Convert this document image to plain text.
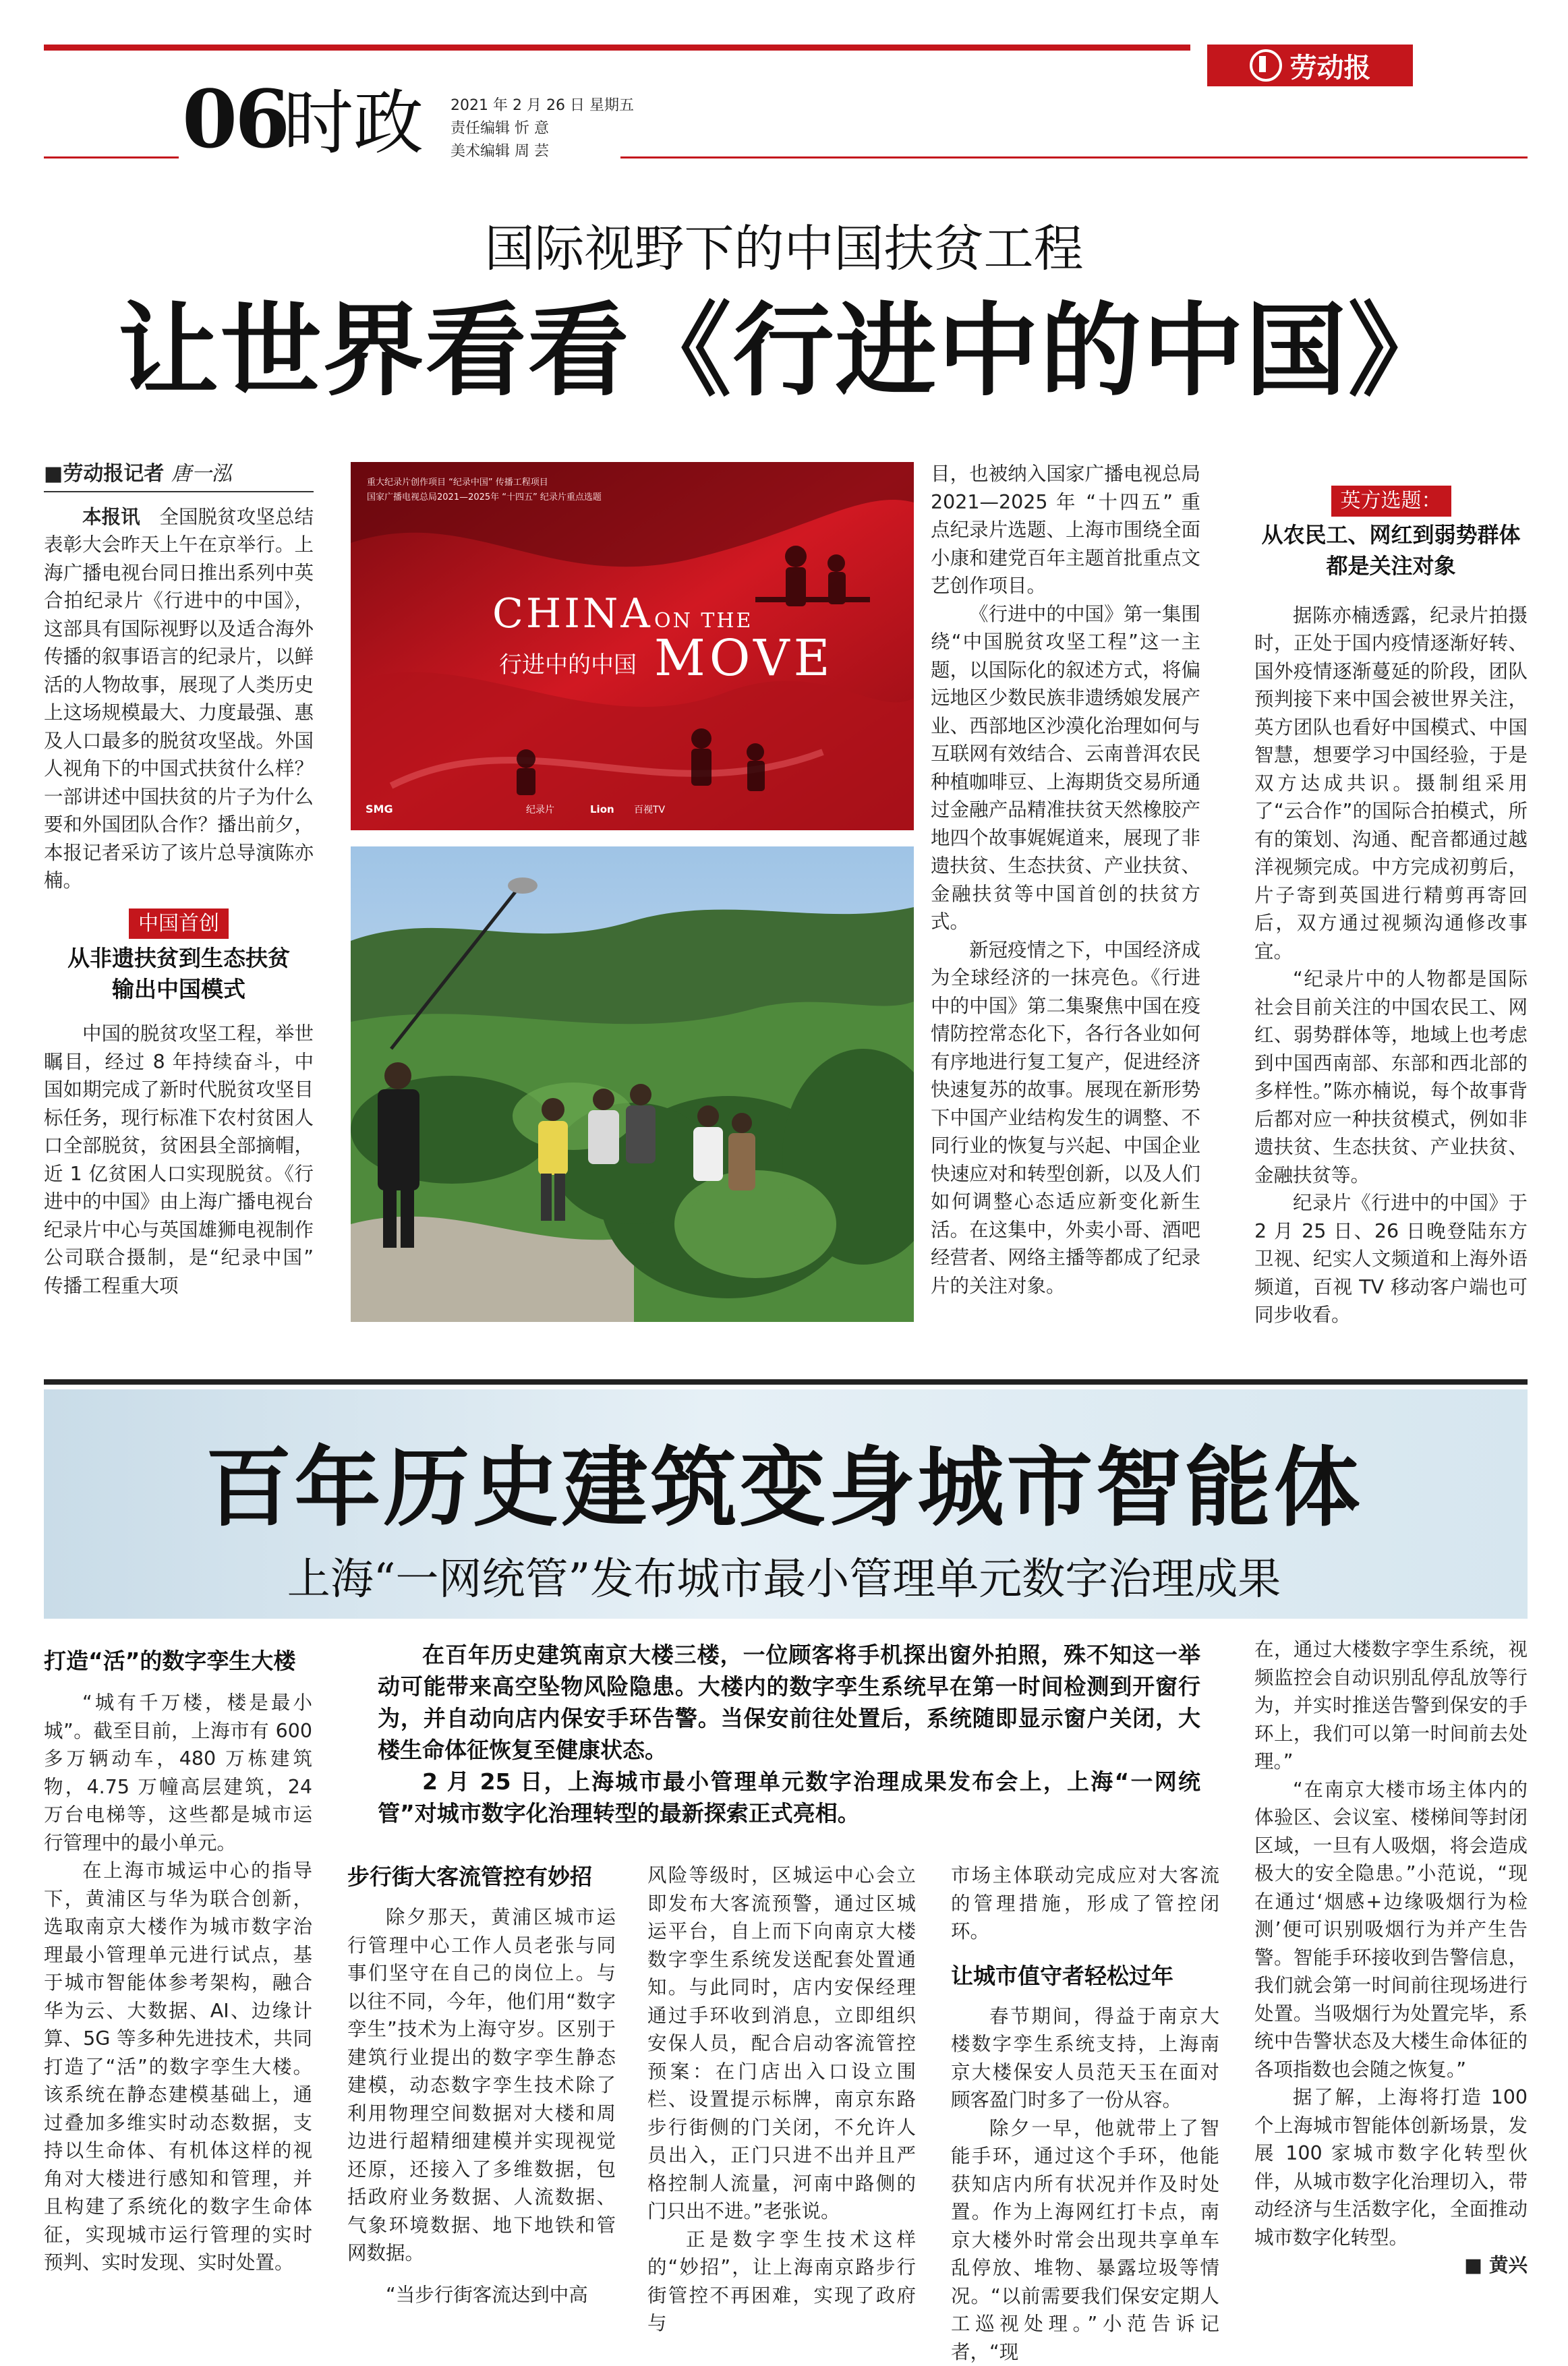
劳动报
06
时政 2021 年 2 月 26 日 星期五
责任编辑 忻 意
美术编辑 周 芸
国际视野下的中国扶贫工程
让世界看看《行进中的中国》
■劳动报记者 唐一泓

本报讯　 全国脱贫攻坚总结表彰大会昨天上午在京举行。上海广播电视台同日推出系列中英合拍纪录片《行进中的中国》，这部具有国际视野以及适合海外传播的叙事语言的纪录片，以鲜活的人物故事，展现了人类历史上这场规模最大、力度最强、惠及人口最多的脱贫攻坚战。外国人视角下的中国式扶贫什么样？一部讲述中国扶贫的片子为什么要和外国团队合作？播出前夕，本报记者采访了该片总导演陈亦楠。

中国首创
从非遗扶贫到生态扶贫
输出中国模式

中国的脱贫攻坚工程，举世瞩目，经过 8 年持续奋斗，中国如期完成了新时代脱贫攻坚目标任务，现行标准下农村贫困人口全部脱贫，贫困县全部摘帽，近 1 亿贫困人口实现脱贫。《行进中的中国》由上海广播电视台纪录片中心与英国雄狮电视制作公司联合摄制，是“纪录中国” 传播工程重大项

重大纪录片创作项目 “纪录中国” 传播工程项目
国家广播电视总局2021—2025年 “十四五” 纪录片重点选题
CHINA ON THE
行进中的中国 MOVE
SMG	纪录片	Lion 百视TV

目，也被纳入国家广播电视总局 2021—2025 年 “十四五” 重点纪录片选题、上海市围绕全面小康和建党百年主题首批重点文艺创作项目。

《行进中的中国》第一集围绕“中国脱贫攻坚工程”这一主题，以国际化的叙述方式，将偏远地区少数民族非遗绣娘发展产业、西部地区沙漠化治理如何与互联网有效结合、云南普洱农民种植咖啡豆、上海期货交易所通过金融产品精准扶贫天然橡胶产地四个故事娓娓道来，展现了非遗扶贫、生态扶贫、产业扶贫、金融扶贫等中国首创的扶贫方式。

新冠疫情之下，中国经济成为全球经济的一抹亮色。《行进中的中国》第二集聚焦中国在疫情防控常态化下，各行各业如何有序地进行复工复产，促进经济快速复苏的故事。展现在新形势下中国产业结构发生的调整、不同行业的恢复与兴起、中国企业快速应对和转型创新，以及人们如何调整心态适应新变化新生活。在这集中，外卖小哥、酒吧经营者、网络主播等都成了纪录片的关注对象。

英方选题：
从农民工、网红到弱势群体
都是关注对象

据陈亦楠透露，纪录片拍摄时，正处于国内疫情逐渐好转、国外疫情逐渐蔓延的阶段，团队预判接下来中国会被世界关注，英方团队也看好中国模式、中国智慧，想要学习中国经验，于是双方达成共识。摄制组采用了“云合作”的国际合拍模式，所有的策划、沟通、配音都通过越洋视频完成。中方完成初剪后，片子寄到英国进行精剪再寄回后，双方通过视频沟通修改事宜。

“纪录片中的人物都是国际社会目前关注的中国农民工、网红、弱势群体等，地域上也考虑到中国西南部、东部和西北部的多样性。”陈亦楠说，每个故事背后都对应一种扶贫模式，例如非遗扶贫、生态扶贫、产业扶贫、金融扶贫等。

纪录片《行进中的中国》于 2 月 25 日、26 日晚登陆东方卫视、纪实人文频道和上海外语频道，百视 TV 移动客户端也可同步收看。

百年历史建筑变身城市智能体
上海“一网统管”发布城市最小管理单元数字治理成果

在百年历史建筑南京大楼三楼，一位顾客将手机探出窗外拍照，殊不知这一举动可能带来高空坠物风险隐患。大楼内的数字孪生系统早在第一时间检测到开窗行为，并自动向店内保安手环告警。当保安前往处置后，系统随即显示窗户关闭，大楼生命体征恢复至健康状态。

2 月 25 日，上海城市最小管理单元数字治理成果发布会上，上海“一网统管”对城市数字化治理转型的最新探索正式亮相。

打造“活”的数字孪生大楼

“城有千万楼，楼是最小城”。截至目前，上海市有 600 多万辆动车，480 万栋建筑物，4.75 万幢高层建筑，24 万台电梯等，这些都是城市运行管理中的最小单元。

在上海市城运中心的指导下，黄浦区与华为联合创新，选取南京大楼作为城市数字治理最小管理单元进行试点，基于城市智能体参考架构，融合华为云、大数据、AI、边缘计算、5G 等多种先进技术，共同打造了“活”的数字孪生大楼。该系统在静态建模基础上，通过叠加多维实时动态数据，支持以生命体、有机体这样的视角对大楼进行感知和管理，并且构建了系统化的数字生命体征，实现城市运行管理的实时预判、实时发现、实时处置。

步行街大客流管控有妙招

除夕那天，黄浦区城市运行管理中心工作人员老张与同事们坚守在自己的岗位上。与以往不同，今年，他们用“数字孪生”技术为上海守岁。区别于建筑行业提出的数字孪生静态建模，动态数字孪生技术除了利用物理空间数据对大楼和周边进行超精细建模并实现视觉还原，还接入了多维数据，包括政府业务数据、人流数据、气象环境数据、地下地铁和管网数据。

“当步行街客流达到中高

风险等级时，区城运中心会立即发布大客流预警，通过区城运平台，自上而下向南京大楼数字孪生系统发送配套处置通知。与此同时，店内安保经理通过手环收到消息，立即组织安保人员，配合启动客流管控预案：在门店出入口设立围栏、设置提示标牌，南京东路步行街侧的门关闭，不允许人员出入，正门只进不出并且严格控制人流量，河南中路侧的门只出不进。”老张说。

正是数字孪生技术这样的“妙招”，让上海南京路步行街管控不再困难，实现了政府与

市场主体联动完成应对大客流的管理措施，形成了管控闭环。

让城市值守者轻松过年

春节期间，得益于南京大楼数字孪生系统支持，上海南京大楼保安人员范天玉在面对顾客盈门时多了一份从容。

除夕一早，他就带上了智能手环，通过这个手环，他能获知店内所有状况并作及时处置。作为上海网红打卡点，南京大楼外时常会出现共享单车乱停放、堆物、暴露垃圾等情况。“以前需要我们保安定期人工巡视处理。”小范告诉记者，“现

在，通过大楼数字孪生系统，视频监控会自动识别乱停乱放等行为，并实时推送告警到保安的手环上，我们可以第一时间前去处理。”

“在南京大楼市场主体内的体验区、会议室、楼梯间等封闭区域，一旦有人吸烟，将会造成极大的安全隐患。”小范说，“现在通过‘烟感+边缘吸烟行为检测’便可识别吸烟行为并产生告警。智能手环接收到告警信息，我们就会第一时间前往现场进行处置。当吸烟行为处置完毕，系统中告警状态及大楼生命体征的各项指数也会随之恢复。”

据了解，上海将打造 100 个上海城市智能体创新场景，发展 100 家城市数字化转型伙伴，从城市数字化治理切入，带动经济与生活数字化，全面推动城市数字化转型。

■ 黄兴
